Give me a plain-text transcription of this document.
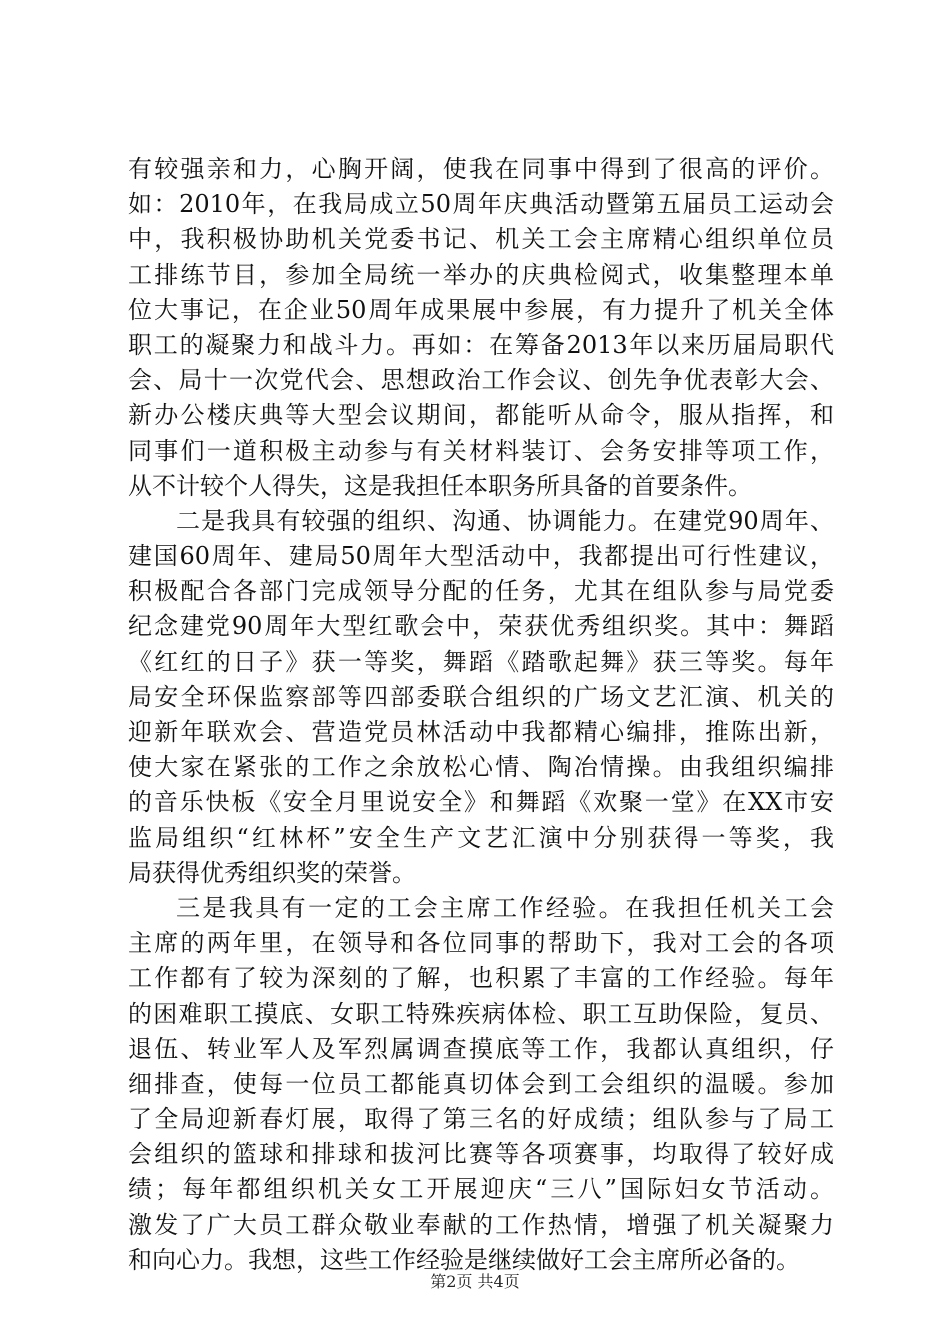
有较强亲和力，心胸开阔，使我在同事中得到了很高的评价。
如：2010年，在我局成立50周年庆典活动暨第五届员工运动会
中，我积极协助机关党委书记、机关工会主席精心组织单位员
工排练节目，参加全局统一举办的庆典检阅式，收集整理本单
位大事记，在企业50周年成果展中参展，有力提升了机关全体
职工的凝聚力和战斗力。再如：在筹备2013年以来历届局职代
会、局十一次党代会、思想政治工作会议、创先争优表彰大会、
新办公楼庆典等大型会议期间，都能听从命令，服从指挥，和
同事们一道积极主动参与有关材料装订、会务安排等项工作，
从不计较个人得失，这是我担任本职务所具备的首要条件。
二是我具有较强的组织、沟通、协调能力。在建党90周年、
建国60周年、建局50周年大型活动中，我都提出可行性建议，
积极配合各部门完成领导分配的任务，尤其在组队参与局党委
纪念建党90周年大型红歌会中，荣获优秀组织奖。其中：舞蹈
《红红的日子》获一等奖，舞蹈《踏歌起舞》获三等奖。每年
局安全环保监察部等四部委联合组织的广场文艺汇演、机关的
迎新年联欢会、营造党员林活动中我都精心编排，推陈出新，
使大家在紧张的工作之余放松心情、陶冶情操。由我组织编排
的音乐快板《安全月里说安全》和舞蹈《欢聚一堂》在XX市安
监局组织“红林杯”安全生产文艺汇演中分别获得一等奖，我
局获得优秀组织奖的荣誉。
三是我具有一定的工会主席工作经验。在我担任机关工会
主席的两年里，在领导和各位同事的帮助下，我对工会的各项
工作都有了较为深刻的了解，也积累了丰富的工作经验。每年
的困难职工摸底、女职工特殊疾病体检、职工互助保险，复员、
退伍、转业军人及军烈属调查摸底等工作，我都认真组织，仔
细排查，使每一位员工都能真切体会到工会组织的温暖。参加
了全局迎新春灯展，取得了第三名的好成绩；组队参与了局工
会组织的篮球和排球和拔河比赛等各项赛事，均取得了较好成
绩；每年都组织机关女工开展迎庆“三八”国际妇女节活动。
激发了广大员工群众敬业奉献的工作热情，增强了机关凝聚力
和向心力。我想，这些工作经验是继续做好工会主席所必备的。
第2页 共4页
